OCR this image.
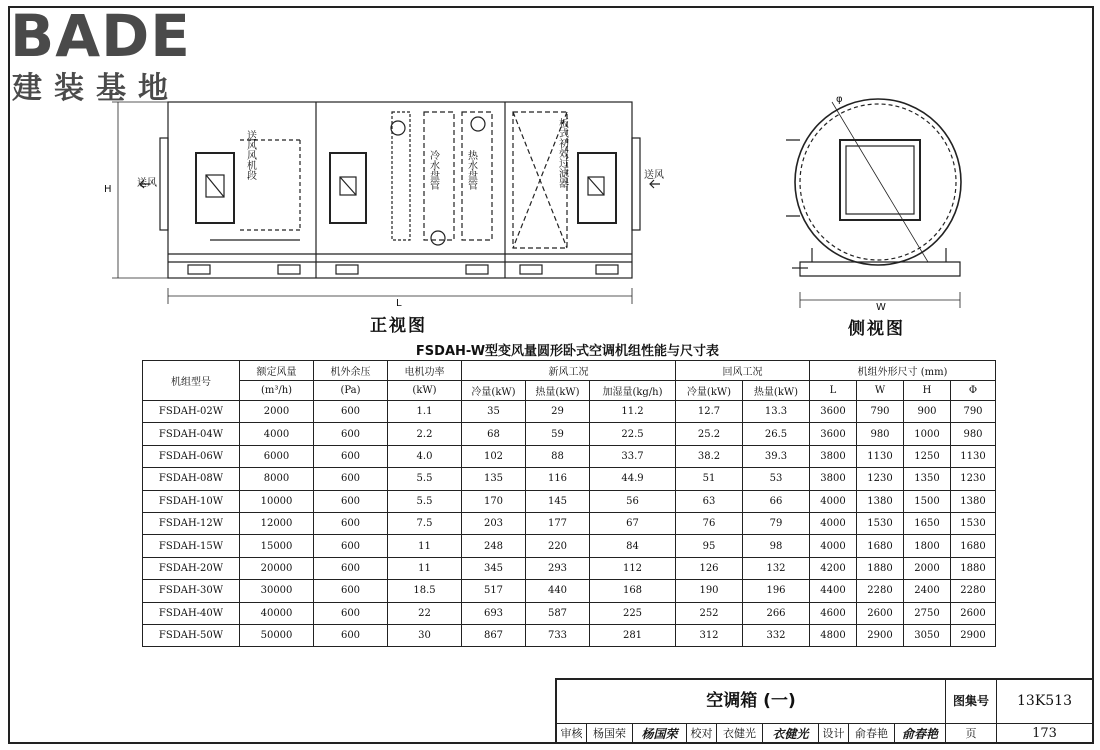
BADE
建装基地
送风
送风
H
L
φ
W
送风风机段	冷水盘管	热水盘管	板式初效过滤器
正视图	侧视图
FSDAH-W型变风量圆形卧式空调机组性能与尺寸表
机组型号	额定风量	机外余压	电机功率	新风工况			回风工况		机组外形尺寸 (mm)			
	(m³/h)	(Pa)	(kW)	冷量(kW)	热量(kW)	加湿量(kg/h)	冷量(kW)	热量(kW)	L	W	H	Φ
FSDAH-02W	2000	600	1.1	35	29	11.2	12.7	13.3	3600	790	900	790
FSDAH-04W	4000	600	2.2	68	59	22.5	25.2	26.5	3600	980	1000	980
FSDAH-06W	6000	600	4.0	102	88	33.7	38.2	39.3	3800	1130	1250	1130
FSDAH-08W	8000	600	5.5	135	116	44.9	51	53	3800	1230	1350	1230
FSDAH-10W	10000	600	5.5	170	145	56	63	66	4000	1380	1500	1380
FSDAH-12W	12000	600	7.5	203	177	67	76	79	4000	1530	1650	1530
FSDAH-15W	15000	600	11	248	220	84	95	98	4000	1680	1800	1680
FSDAH-20W	20000	600	11	345	293	112	126	132	4200	1880	2000	1880
FSDAH-30W	30000	600	18.5	517	440	168	190	196	4400	2280	2400	2280
FSDAH-40W	40000	600	22	693	587	225	252	266	4600	2600	2750	2600
FSDAH-50W	50000	600	30	867	733	281	312	332	4800	2900	3050	2900
空调箱 (一)	图集号	13K513
审核 杨国荣	杨国荣	校对 衣健光	衣健光	设计 俞春艳	俞春艳	页	173
